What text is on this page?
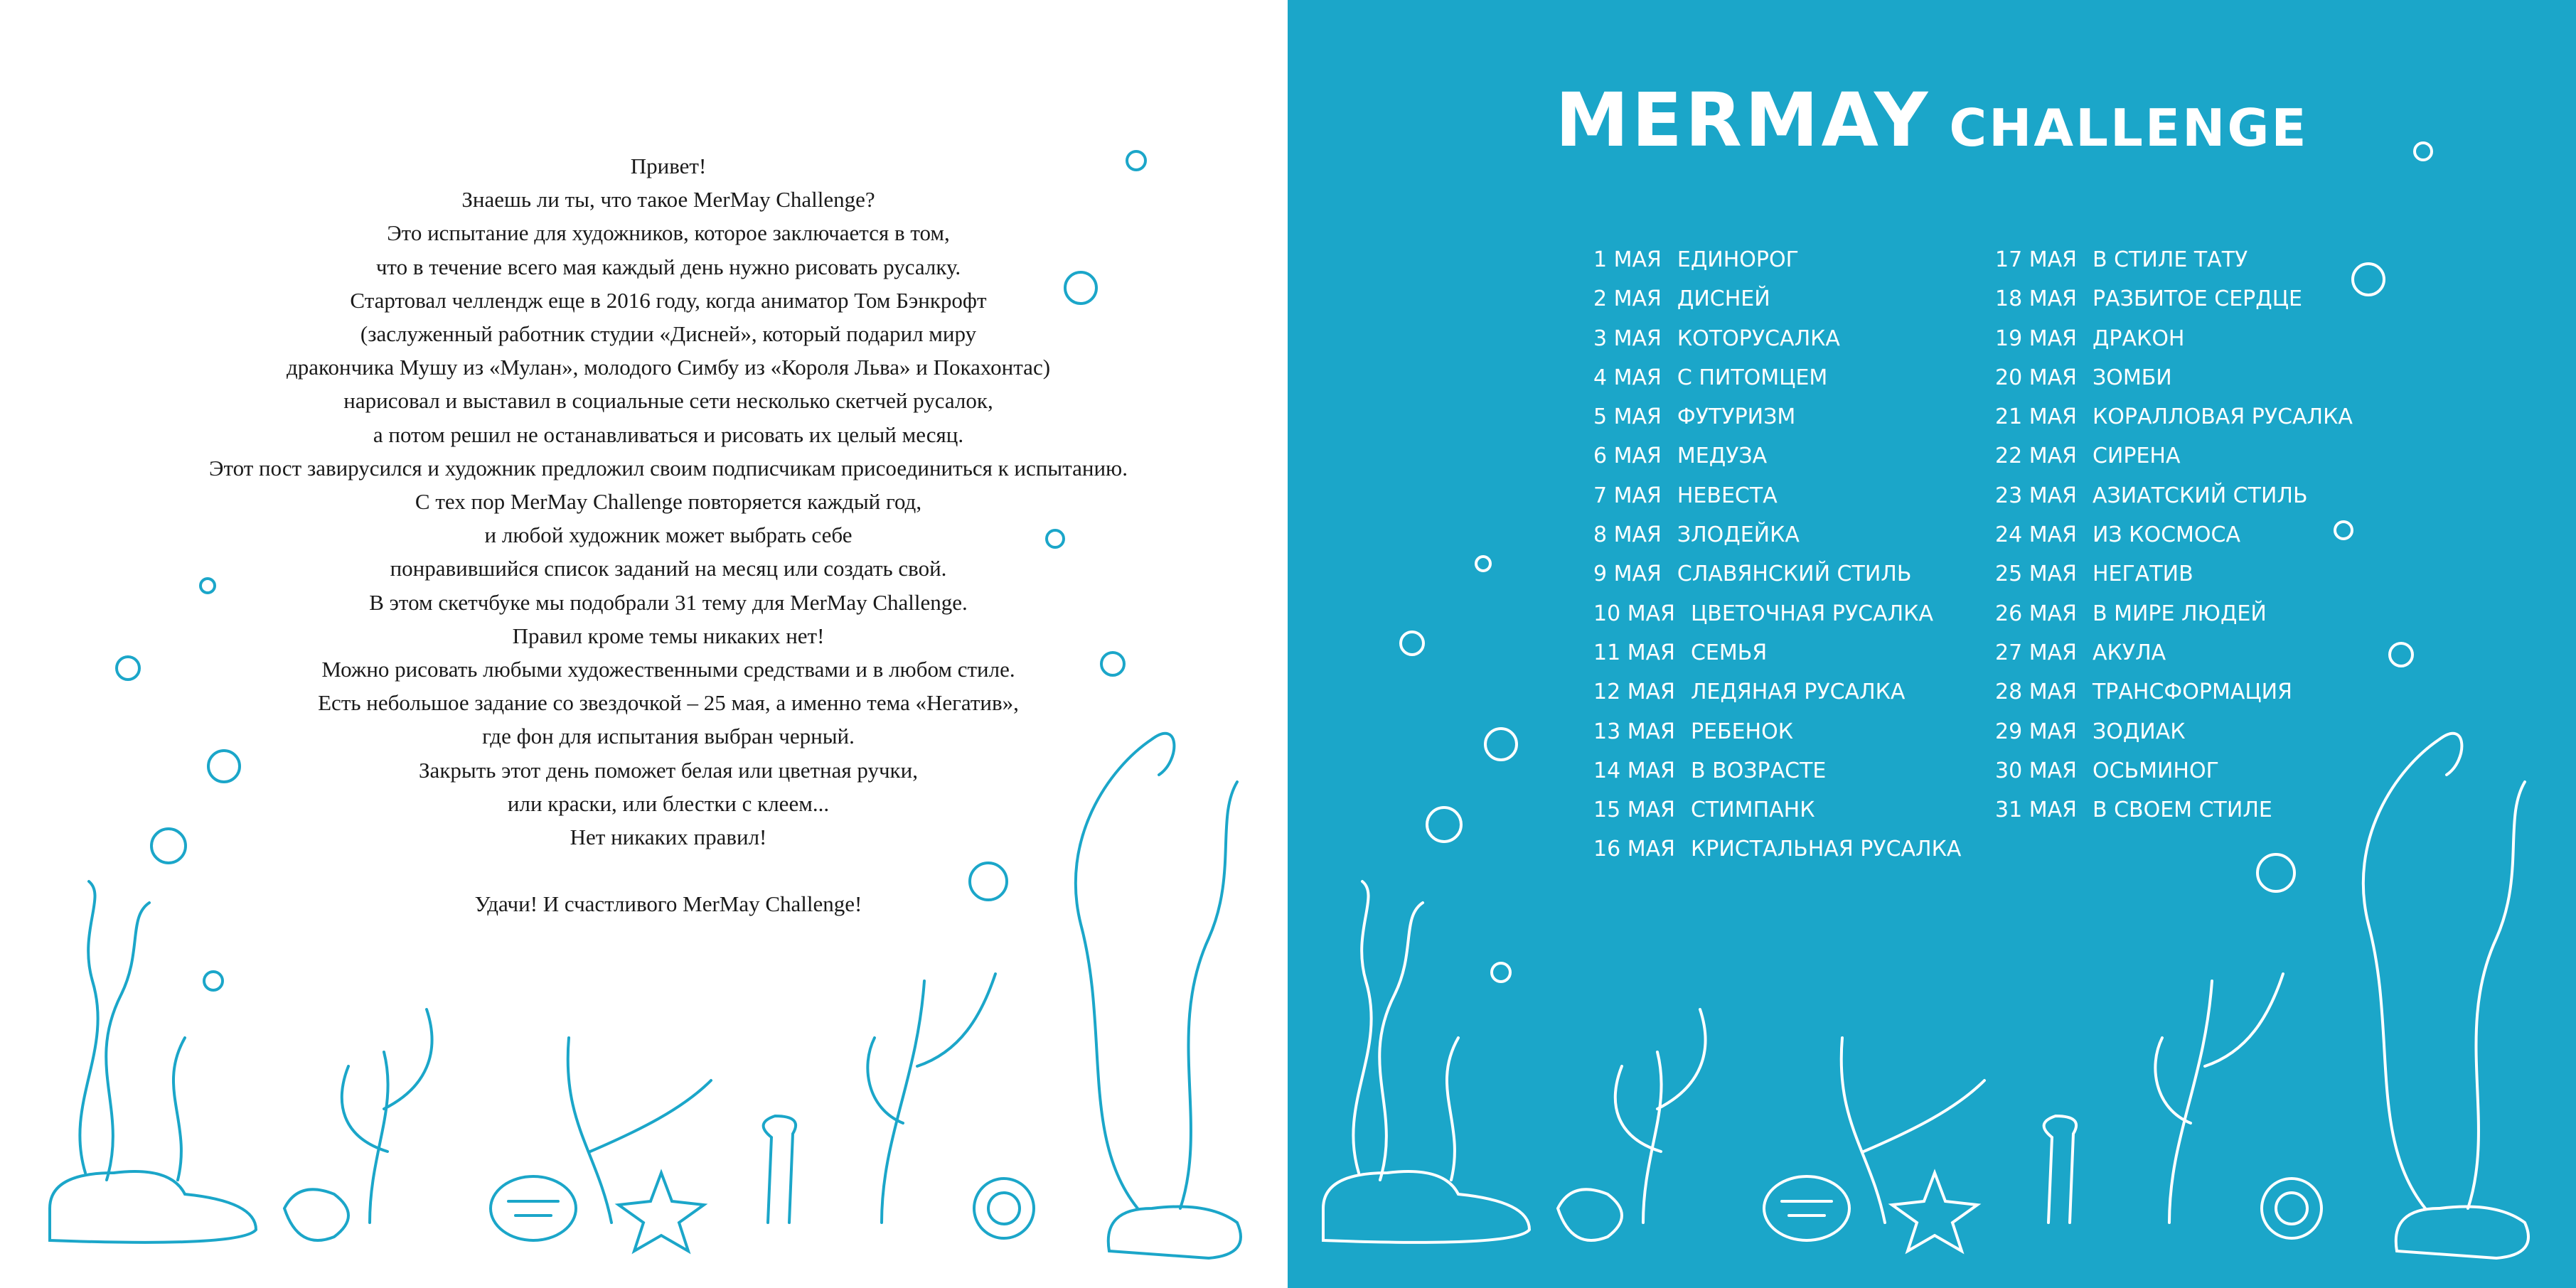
Привет!
Знаешь ли ты, что такое MerMay Challenge?
Это испытание для художников, которое заключается в том,
что в течение всего мая каждый день нужно рисовать русалку.
Стартовал челлендж еще в 2016 году, когда аниматор Том Бэнкрофт
(заслуженный работник студии «Дисней», который подарил миру
дракончика Мушу из «Мулан», молодого Симбу из «Короля Льва» и Покахонтас)
нарисовал и выставил в социальные сети несколько скетчей русалок,
а потом решил не останавливаться и рисовать их целый месяц.
Этот пост завирусился и художник предложил своим подписчикам присоединиться к испытанию.
С тех пор MerMay Challenge повторяется каждый год,
и любой художник может выбрать себе
понравившийся список заданий на месяц или создать свой.
В этом скетчбуке мы подобрали 31 тему для MerMay Challenge.
Правил кроме темы никаких нет!
Можно рисовать любыми художественными средствами и в любом стиле.
Есть небольшое задание со звездочкой – 25 мая, а именно тема «Негатив»,
где фон для испытания выбран черный.
Закрыть этот день поможет белая или цветная ручки,
или краски, или блестки с клеем...
Нет никаких правил!
Удачи! И счастливого MerMay Challenge!
MERMAY CHALLENGE
1 МАЯ ЕДИНОРОГ
2 МАЯ ДИСНЕЙ
3 МАЯ КОТОРУСАЛКА
4 МАЯ С ПИТОМЦЕМ
5 МАЯ ФУТУРИЗМ
6 МАЯ МЕДУЗА
7 МАЯ НЕВЕСТА
8 МАЯ ЗЛОДЕЙКА
9 МАЯ СЛАВЯНСКИЙ СТИЛЬ
10 МАЯ ЦВЕТОЧНАЯ РУСАЛКА
11 МАЯ СЕМЬЯ
12 МАЯ ЛЕДЯНАЯ РУСАЛКА
13 МАЯ РЕБЕНОК
14 МАЯ В ВОЗРАСТЕ
15 МАЯ СТИМПАНК
16 МАЯ КРИСТАЛЬНАЯ РУСАЛКА
17 МАЯ В СТИЛЕ ТАТУ
18 МАЯ РАЗБИТОЕ СЕРДЦЕ
19 МАЯ ДРАКОН
20 МАЯ ЗОМБИ
21 МАЯ КОРАЛЛОВАЯ РУСАЛКА
22 МАЯ СИРЕНА
23 МАЯ АЗИАТСКИЙ СТИЛЬ
24 МАЯ ИЗ КОСМОСА
25 МАЯ НЕГАТИВ
26 МАЯ В МИРЕ ЛЮДЕЙ
27 МАЯ АКУЛА
28 МАЯ ТРАНСФОРМАЦИЯ
29 МАЯ ЗОДИАК
30 МАЯ ОСЬМИНОГ
31 МАЯ В СВОЕМ СТИЛЕ
